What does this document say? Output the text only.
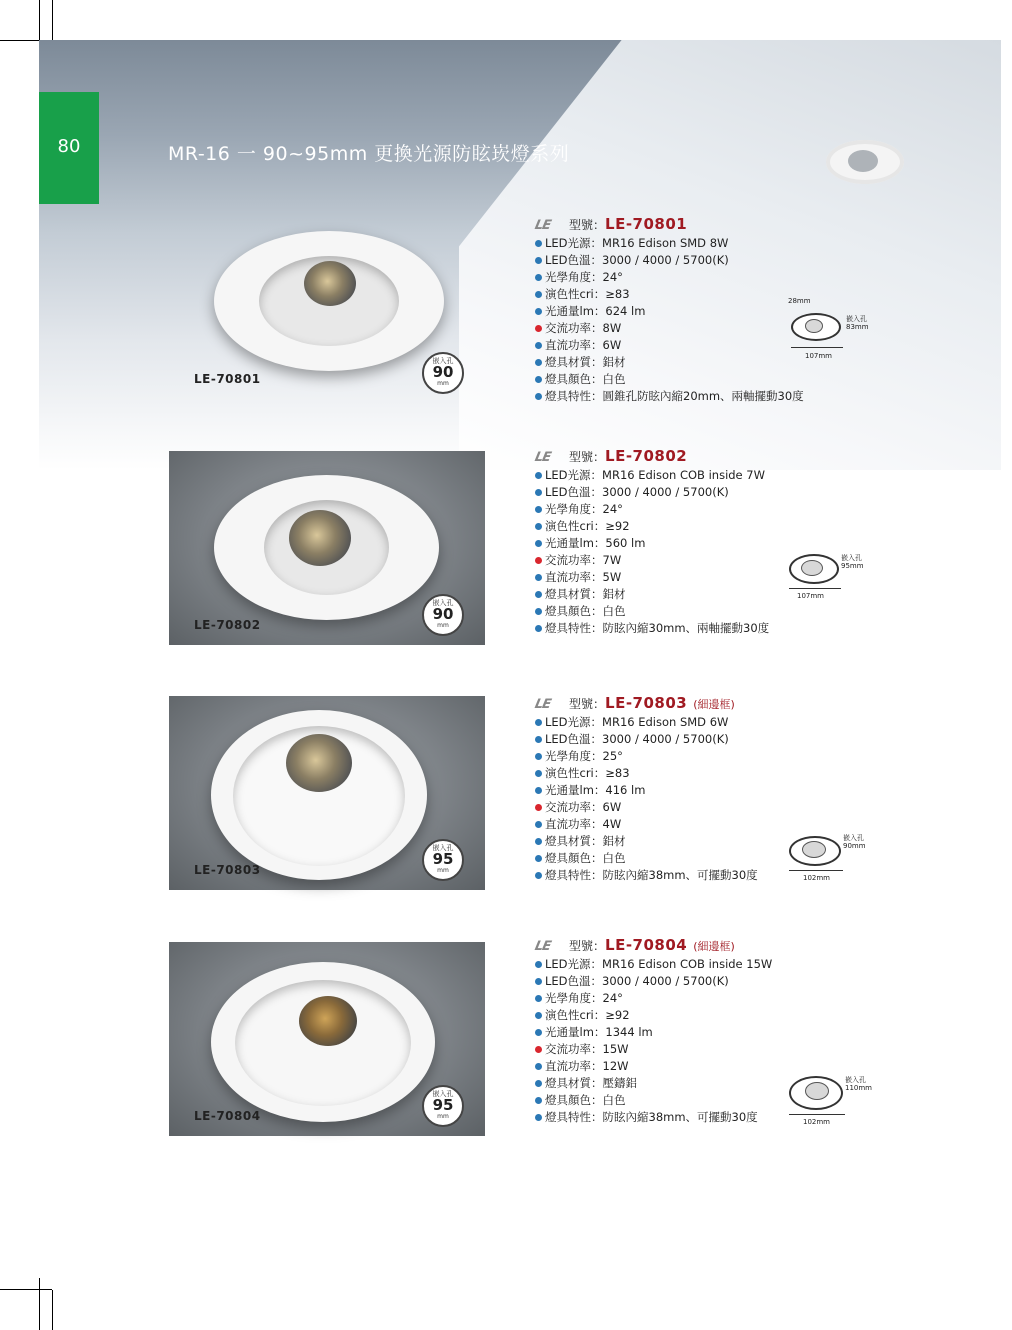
80	MR-16 一 90~95mm 更換光源防眩崁燈系列
LE-70801
嵌入孔
90
mm
LE 型號：LE-70801
LED光源：MR16 Edison SMD 8W
LED色溫：3000 / 4000 / 5700(K)
光學角度：24°
演色性cri：≥83
光通量lm：624 lm
交流功率：8W
直流功率：6W
燈具材質：鋁材
燈具顏色：白色
燈具特性：圓錐孔防眩內縮20mm、兩軸擺動30度
28mm
嵌入孔
83mm
107mm
LE-70802
嵌入孔
90
mm
LE 型號：LE-70802
LED光源：MR16 Edison COB inside 7W
LED色溫：3000 / 4000 / 5700(K)
光學角度：24°
演色性cri：≥92
光通量lm：560 lm
交流功率：7W
直流功率：5W
燈具材質：鋁材
燈具顏色：白色
燈具特性：防眩內縮30mm、兩軸擺動30度
嵌入孔
95mm
107mm
LE-70803
嵌入孔
95
mm
LE 型號：LE-70803 (細邊框)
LED光源：MR16 Edison SMD 6W
LED色溫：3000 / 4000 / 5700(K)
光學角度：25°
演色性cri：≥83
光通量lm：416 lm
交流功率：6W
直流功率：4W
燈具材質：鋁材
燈具顏色：白色
燈具特性：防眩內縮38mm、可擺動30度
嵌入孔
90mm
102mm
LE-70804
嵌入孔
95
mm
LE 型號：LE-70804 (細邊框)
LED光源：MR16 Edison COB inside 15W
LED色溫：3000 / 4000 / 5700(K)
光學角度：24°
演色性cri：≥92
光通量lm：1344 lm
交流功率：15W
直流功率：12W
燈具材質：壓鑄鋁
燈具顏色：白色
燈具特性：防眩內縮38mm、可擺動30度
嵌入孔
110mm
102mm
